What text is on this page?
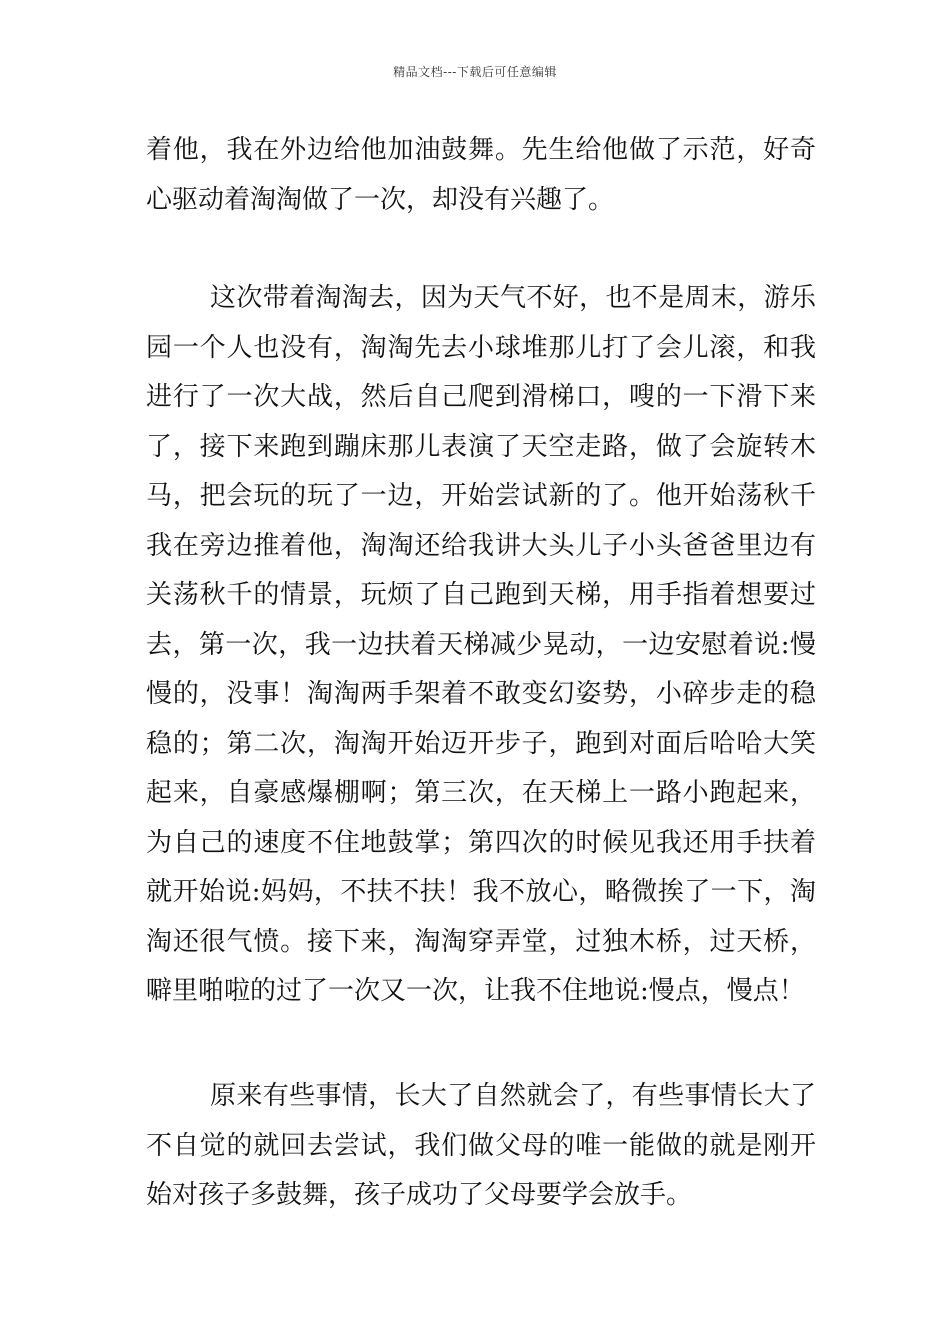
精品文档---下载后可任意编辑
着他，我在外边给他加油鼓舞。先生给他做了示范，好奇
心驱动着淘淘做了一次，却没有兴趣了。
这次带着淘淘去，因为天气不好，也不是周末，游乐
园一个人也没有，淘淘先去小球堆那儿打了会儿滚，和我
进行了一次大战，然后自己爬到滑梯口，嗖的一下滑下来
了，接下来跑到蹦床那儿表演了天空走路，做了会旋转木
马，把会玩的玩了一边，开始尝试新的了。他开始荡秋千
我在旁边推着他，淘淘还给我讲大头儿子小头爸爸里边有
关荡秋千的情景，玩烦了自己跑到天梯，用手指着想要过
去，第一次，我一边扶着天梯减少晃动，一边安慰着说:慢
慢的，没事！淘淘两手架着不敢变幻姿势，小碎步走的稳
稳的；第二次，淘淘开始迈开步子，跑到对面后哈哈大笑
起来，自豪感爆棚啊；第三次，在天梯上一路小跑起来，
为自己的速度不住地鼓掌；第四次的时候见我还用手扶着
就开始说:妈妈，不扶不扶！我不放心，略微挨了一下，淘
淘还很气愤。接下来，淘淘穿弄堂，过独木桥，过天桥，
噼里啪啦的过了一次又一次，让我不住地说:慢点，慢点！
原来有些事情，长大了自然就会了，有些事情长大了
不自觉的就回去尝试，我们做父母的唯一能做的就是刚开
始对孩子多鼓舞，孩子成功了父母要学会放手。
